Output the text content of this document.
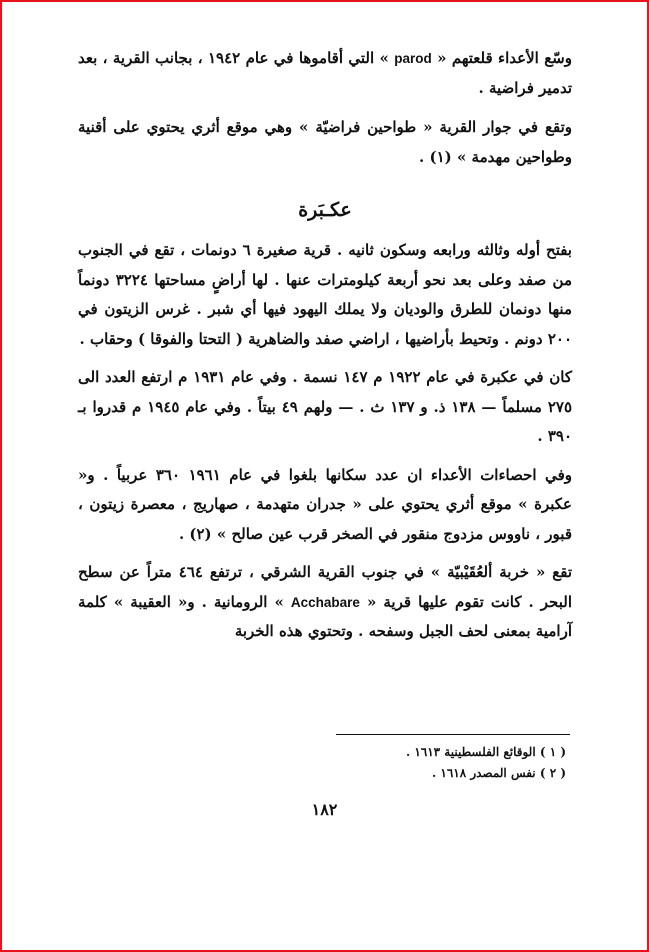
وسّع الأعداء قلعتهم « parod » التي أقاموها في عام ١٩٤٢ ، بجانب القرية ، بعد تدمير فراضية .

وتقع في جوار القرية « طواحين فراضيّة » وهي موقع أثري يحتوي على أقنية وطواحين مهدمة » (١) .

عكـبَرة

بفتح أوله وثالثه ورابعه وسكون ثانيه . قرية صغيرة ٦ دونمات ، تقع في الجنوب من صفد وعلى بعد نحو أربعة كيلومترات عنها . لها أراضٍ مساحتها ٣٢٢٤ دونماً منها دونمان للطرق والوديان ولا يملك اليهود فيها أي شبر . غرس الزيتون في ٢٠٠ دونم . وتحيط بأراضيها ، اراضي صفد والضاهرية ( التحتا والفوقا ) وحقاب .

كان في عكبرة في عام ١٩٢٢ م ١٤٧ نسمة . وفي عام ١٩٣١ م ارتفع العدد الى ٢٧٥ مسلماً — ١٣٨ ذ. و ١٣٧ ث . — ولهم ٤٩ بيتاً . وفي عام ١٩٤٥ م قدروا بـ ٣٩٠ .

وفي احصاءات الأعداء ان عدد سكانها بلغوا في عام ١٩٦١ ٣٦٠ عربياً . و« عكبرة » موقع أثري يحتوي على « جدران متهدمة ، صهاريج ، معصرة زيتون ، قبور ، ناووس مزدوج منقور في الصخر قرب عين صالح » (٢) .

تقع « خربة ألعُقَيْبيّة » في جنوب القرية الشرقي ، ترتفع ٤٦٤ متراً عن سطح البحر . كانت تقوم عليها قرية « Acchabare » الرومانية . و« العقيبة » كلمة آرامية بمعنى لحف الجبل وسفحه . وتحتوي هذه الخربة

( ١ ) الوقائع الفلسطينية ١٦١٣ .

( ٢ ) نفس المصدر ١٦١٨ .

١٨٢
